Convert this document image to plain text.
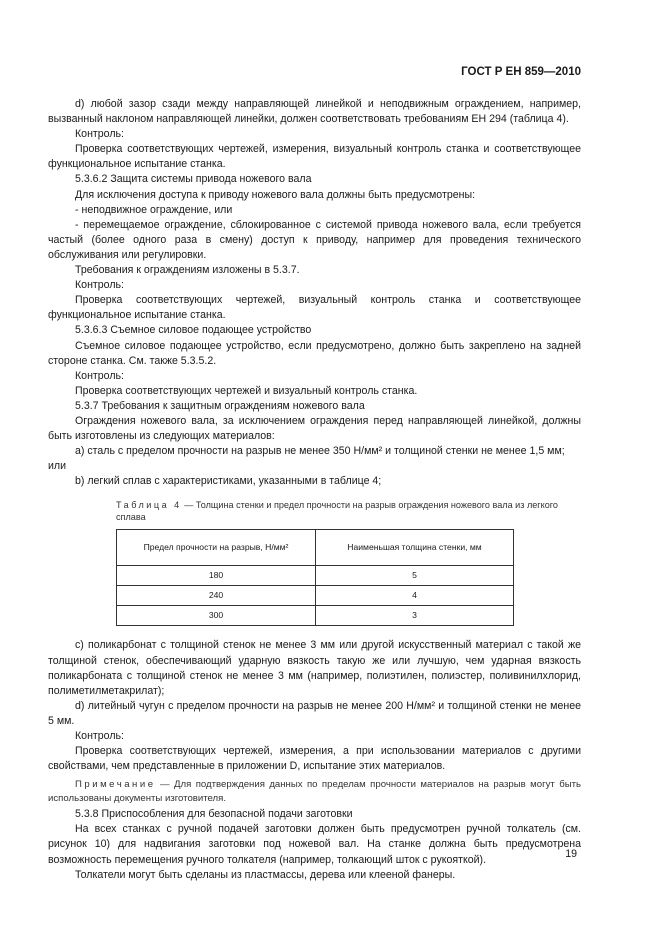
ГОСТ Р ЕН 859—2010

d) любой зазор сзади между направляющей линейкой и неподвижным ограждением, например, вызванный наклоном направляющей линейки, должен соответствовать требованиям ЕН 294 (таблица 4).

Контроль:

Проверка соответствующих чертежей, измерения, визуальный контроль станка и соответствующее функциональное испытание станка.

5.3.6.2 Защита системы привода ножевого вала

Для исключения доступа к приводу ножевого вала должны быть предусмотрены:

- неподвижное ограждение, или

- перемещаемое ограждение, сблокированное с системой привода ножевого вала, если требуется частый (более одного раза в смену) доступ к приводу, например для проведения технического обслуживания или регулировки.

Требования к ограждениям изложены в 5.3.7.

Контроль:

Проверка соответствующих чертежей, визуальный контроль станка и соответствующее функциональное испытание станка.

5.3.6.3 Съемное силовое подающее устройство

Съемное силовое подающее устройство, если предусмотрено, должно быть закреплено на задней стороне станка. См. также 5.3.5.2.

Контроль:

Проверка соответствующих чертежей и визуальный контроль станка.

5.3.7 Требования к защитным ограждениям ножевого вала

Ограждения ножевого вала, за исключением ограждения перед направляющей линейкой, должны быть изготовлены из следующих материалов:

a) сталь с пределом прочности на разрыв не менее 350 Н/мм² и толщиной стенки не менее 1,5 мм;

или

b) легкий сплав с характеристиками, указанными в таблице 4;

Таблица 4 — Толщина стенки и предел прочности на разрыв ограждения ножевого вала из легкого сплава

Предел прочности на разрыв, Н/мм²	Наименьшая толщина стенки, мм
180	5
240	4
300	3

c) поликарбонат с толщиной стенок не менее 3 мм или другой искусственный материал с такой же толщиной стенок, обеспечивающий ударную вязкость такую же или лучшую, чем ударная вязкость поликарбоната с толщиной стенок не менее 3 мм (например, полиэтилен, полиэстер, поливинилхлорид, полиметилметакрилат);

d) литейный чугун с пределом прочности на разрыв не менее 200 Н/мм² и толщиной стенки не менее 5 мм.

Контроль:

Проверка соответствующих чертежей, измерения, а при использовании материалов с другими свойствами, чем представленные в приложении D, испытание этих материалов.

Примечание — Для подтверждения данных по пределам прочности материалов на разрыв могут быть использованы документы изготовителя.

5.3.8 Приспособления для безопасной подачи заготовки

На всех станках с ручной подачей заготовки должен быть предусмотрен ручной толкатель (см. рисунок 10) для надвигания заготовки под ножевой вал. На станке должна быть предусмотрена возможность перемещения ручного толкателя (например, толкающий шток с рукояткой).

Толкатели могут быть сделаны из пластмассы, дерева или клееной фанеры.

19
